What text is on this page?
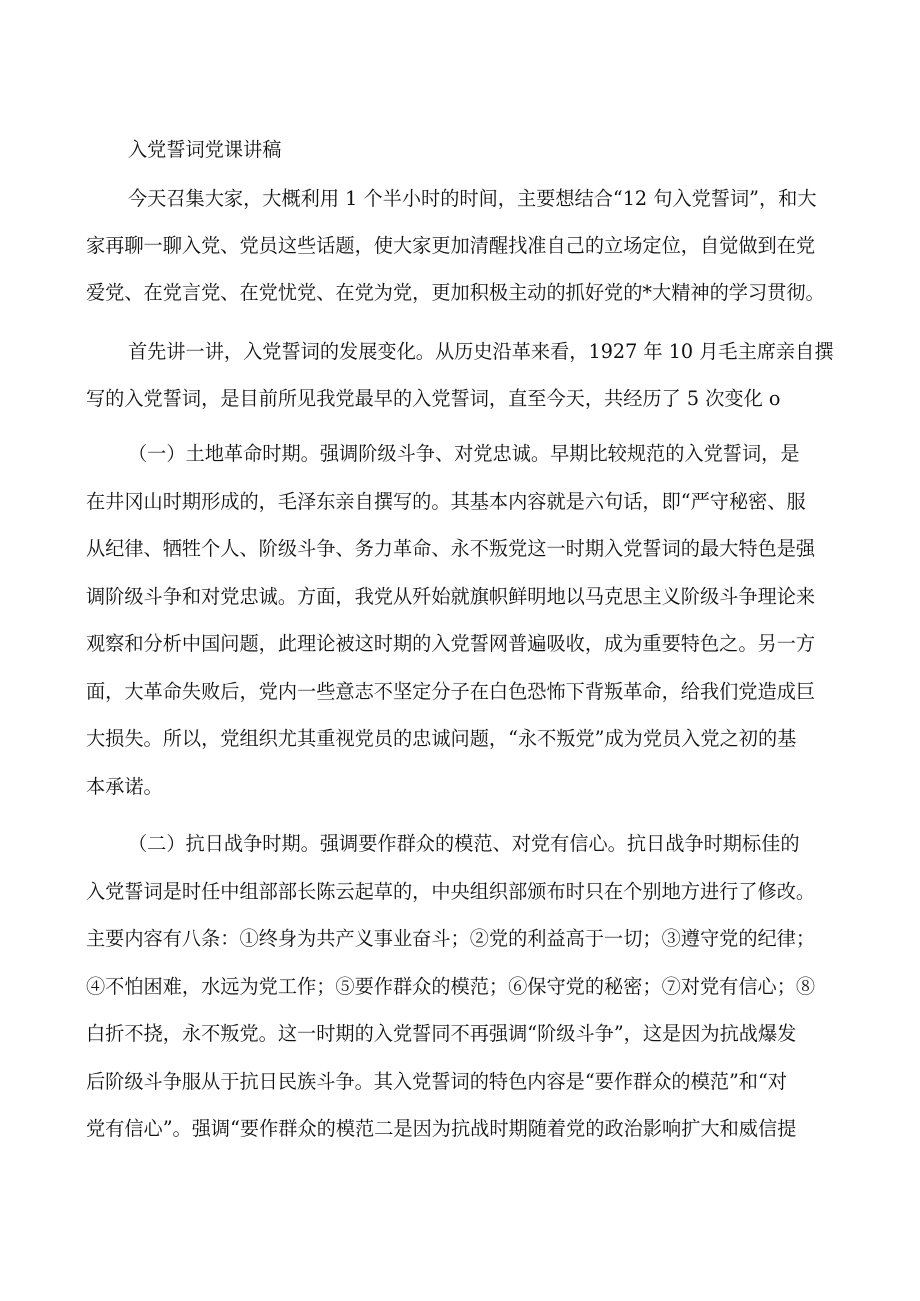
入党誓词党课讲稿
今天召集大家，大概利用 1 个半小时的时间，主要想结合“12 句入党誓词”，和大
家再聊一聊入党、党员这些话题，使大家更加清醒找准自己的立场定位，自觉做到在党
爱党、在党言党、在党忧党、在党为党，更加积极主动的抓好党的*大精神的学习贯彻。
首先讲一讲，入党誓词的发展变化。从历史沿革来看，1927 年 10 月毛主席亲自撰
写的入党誓词，是目前所见我党最早的入党誓词，直至今天，共经历了 5 次变化 o
（一）土地革命时期。强调阶级斗争、对党忠诚。早期比较规范的入党誓词，是
在井冈山时期形成的，毛泽东亲自撰写的。其基本内容就是六句话，即“严守秘密、服
从纪律、牺牲个人、阶级斗争、务力革命、永不叛党这一时期入党誓词的最大特色是强
调阶级斗争和对党忠诚。方面，我党从歼始就旗帜鲜明地以马克思主义阶级斗争理论来
观察和分析中国问题，此理论被这时期的入党誓网普遍吸收，成为重要特色之。另一方
面，大革命失败后，党内一些意志不坚定分子在白色恐怖下背叛革命，给我们党造成巨
大损失。所以，党组织尤其重视党员的忠诚问题，“永不叛党”成为党员入党之初的基
本承诺。
（二）抗日战争时期。强调要作群众的模范、对党有信心。抗日战争时期标佳的
入党誓词是时任中组部部长陈云起草的，中央组织部颁布时只在个别地方进行了修改。
主要内容有八条：①终身为共产义事业奋斗；②党的利益高于一切；③遵守党的纪律；
④不怕困难，水远为党工作；⑤要作群众的模范；⑥保守党的秘密；⑦对党有信心；⑧
白折不挠，永不叛党。这一时期的入党誓同不再强调“阶级斗争”，这是因为抗战爆发
后阶级斗争服从于抗日民族斗争。其入党誓词的特色内容是“要作群众的模范”和“对
党有信心”。强调“要作群众的模范二是因为抗战时期随着党的政治影响扩大和威信提
